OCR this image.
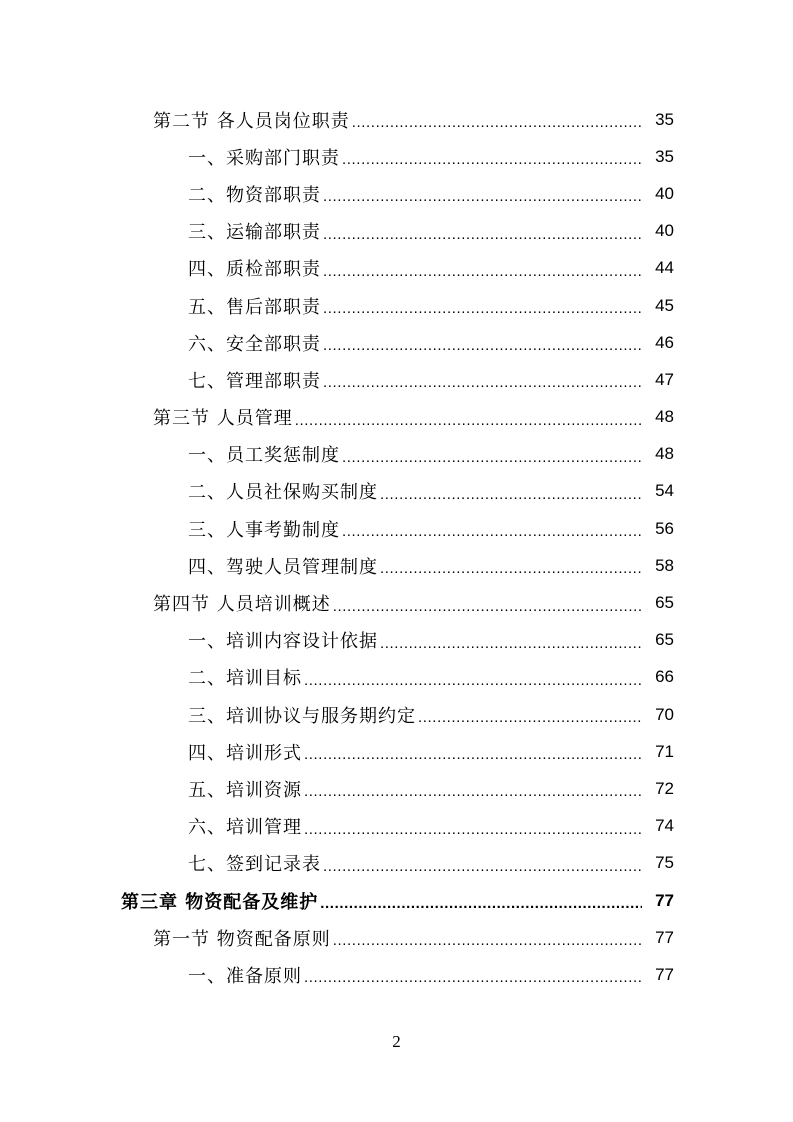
第二节 各人员岗位职责 .....	35
一、采购部门职责 .....	35
二、物资部职责 .....	40
三、运输部职责 .....	40
四、质检部职责 .....	44
五、售后部职责 .....	45
六、安全部职责 .....	46
七、管理部职责 .....	47
第三节 人员管理 .....	48
一、员工奖惩制度 .....	48
二、人员社保购买制度 .....	54
三、人事考勤制度 .....	56
四、驾驶人员管理制度 .....	58
第四节 人员培训概述 .....	65
一、培训内容设计依据 .....	65
二、培训目标 .....	66
三、培训协议与服务期约定 .....	70
四、培训形式 .....	71
五、培训资源 .....	72
六、培训管理 .....	74
七、签到记录表 .....	75
第三章 物资配备及维护 .....	77
第一节 物资配备原则 .....	77
一、准备原则 .....	77
2
